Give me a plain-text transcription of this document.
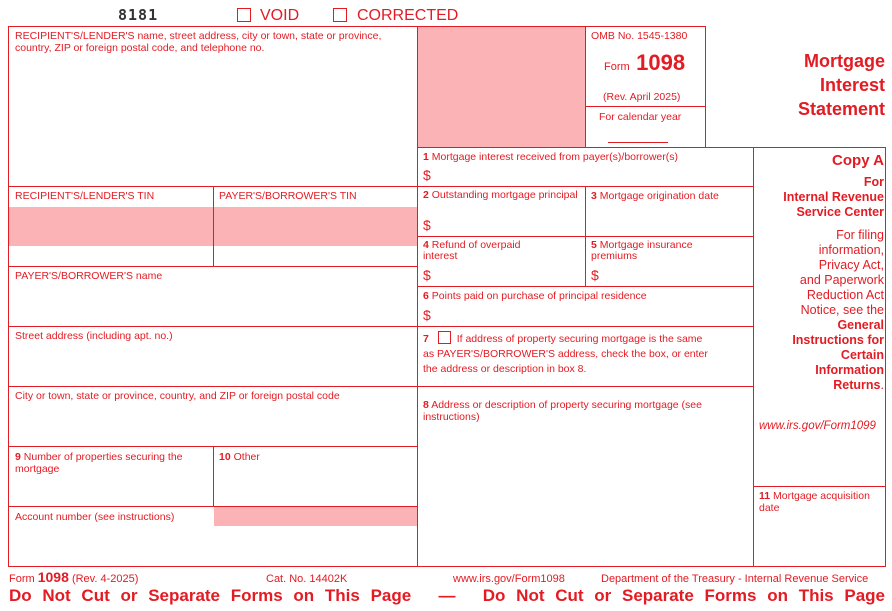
8181	VOID	CORRECTED
RECIPIENT'S/LENDER'S name, street address, city or town, state or province, country, ZIP or foreign postal code, and telephone no.
OMB No. 1545-1380
Form 1098
(Rev. April 2025)
For calendar year
Mortgage
Interest
Statement
RECIPIENT'S/LENDER'S TIN	PAYER'S/BORROWER'S TIN
PAYER'S/BORROWER'S name
Street address (including apt. no.)
City or town, state or province, country, and ZIP or foreign postal code
9 Number of properties securing the mortgage
10 Other
Account number (see instructions)
1 Mortgage interest received from payer(s)/borrower(s)
$
2 Outstanding mortgage principal
$
3 Mortgage origination date
4 Refund of overpaid interest
$
5 Mortgage insurance premiums
$
6 Points paid on purchase of principal residence
$
7	If address of property securing mortgage is the same
as PAYER'S/BORROWER'S address, check the box, or enter
the address or description in box 8.
8 Address or description of property securing mortgage (see instructions)
Copy A
For
Internal Revenue
Service Center
For filing
information,
Privacy Act,
and Paperwork
Reduction Act
Notice, see the
General
Instructions for
Certain
Information
Returns.
www.irs.gov/Form1099
11 Mortgage acquisition date
Form 1098 (Rev. 4-2025)	Cat. No. 14402K	www.irs.gov/Form1098	Department of the Treasury - Internal Revenue Service
Do Not Cut or Separate Forms on This Page — Do Not Cut or Separate Forms on This Page
